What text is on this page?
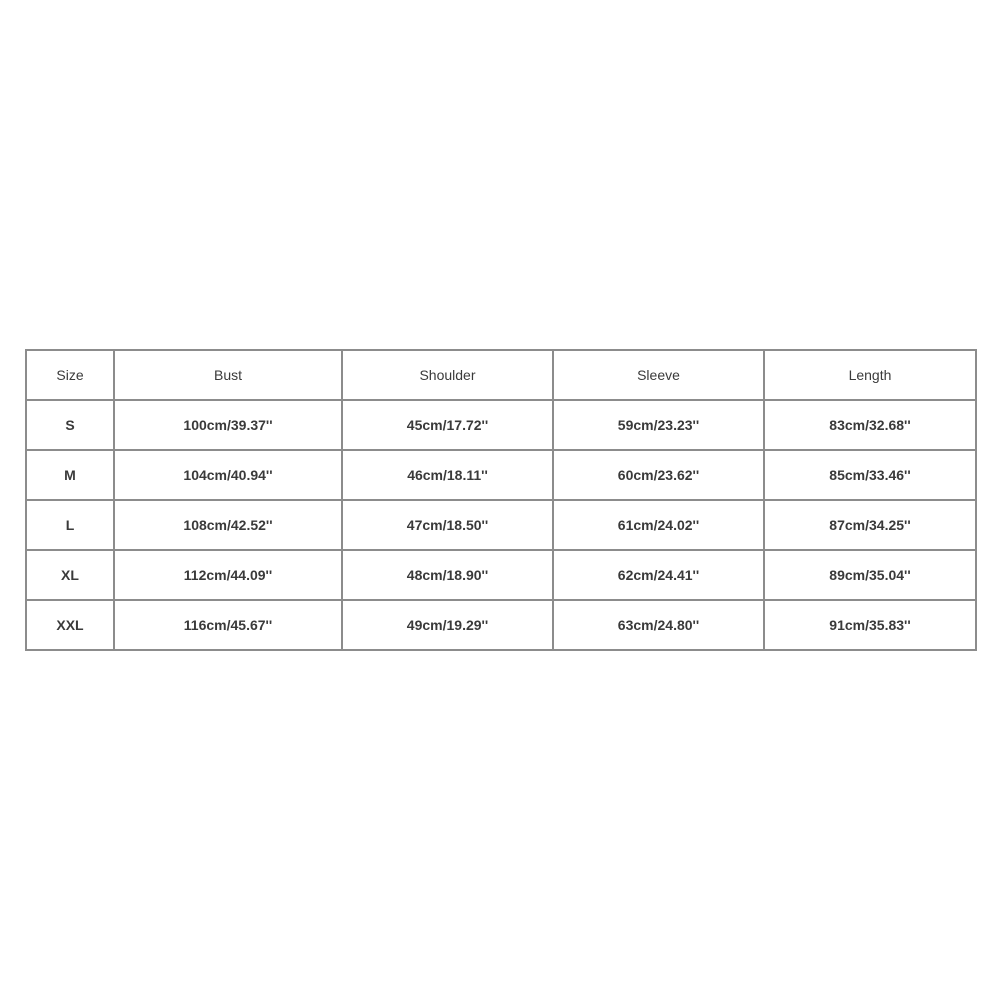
Size	Bust	Shoulder	Sleeve	Length
S	100cm/39.37''	45cm/17.72''	59cm/23.23''	83cm/32.68''
M	104cm/40.94''	46cm/18.11''	60cm/23.62''	85cm/33.46''
L	108cm/42.52''	47cm/18.50''	61cm/24.02''	87cm/34.25''
XL	112cm/44.09''	48cm/18.90''	62cm/24.41''	89cm/35.04''
XXL	116cm/45.67''	49cm/19.29''	63cm/24.80''	91cm/35.83''
